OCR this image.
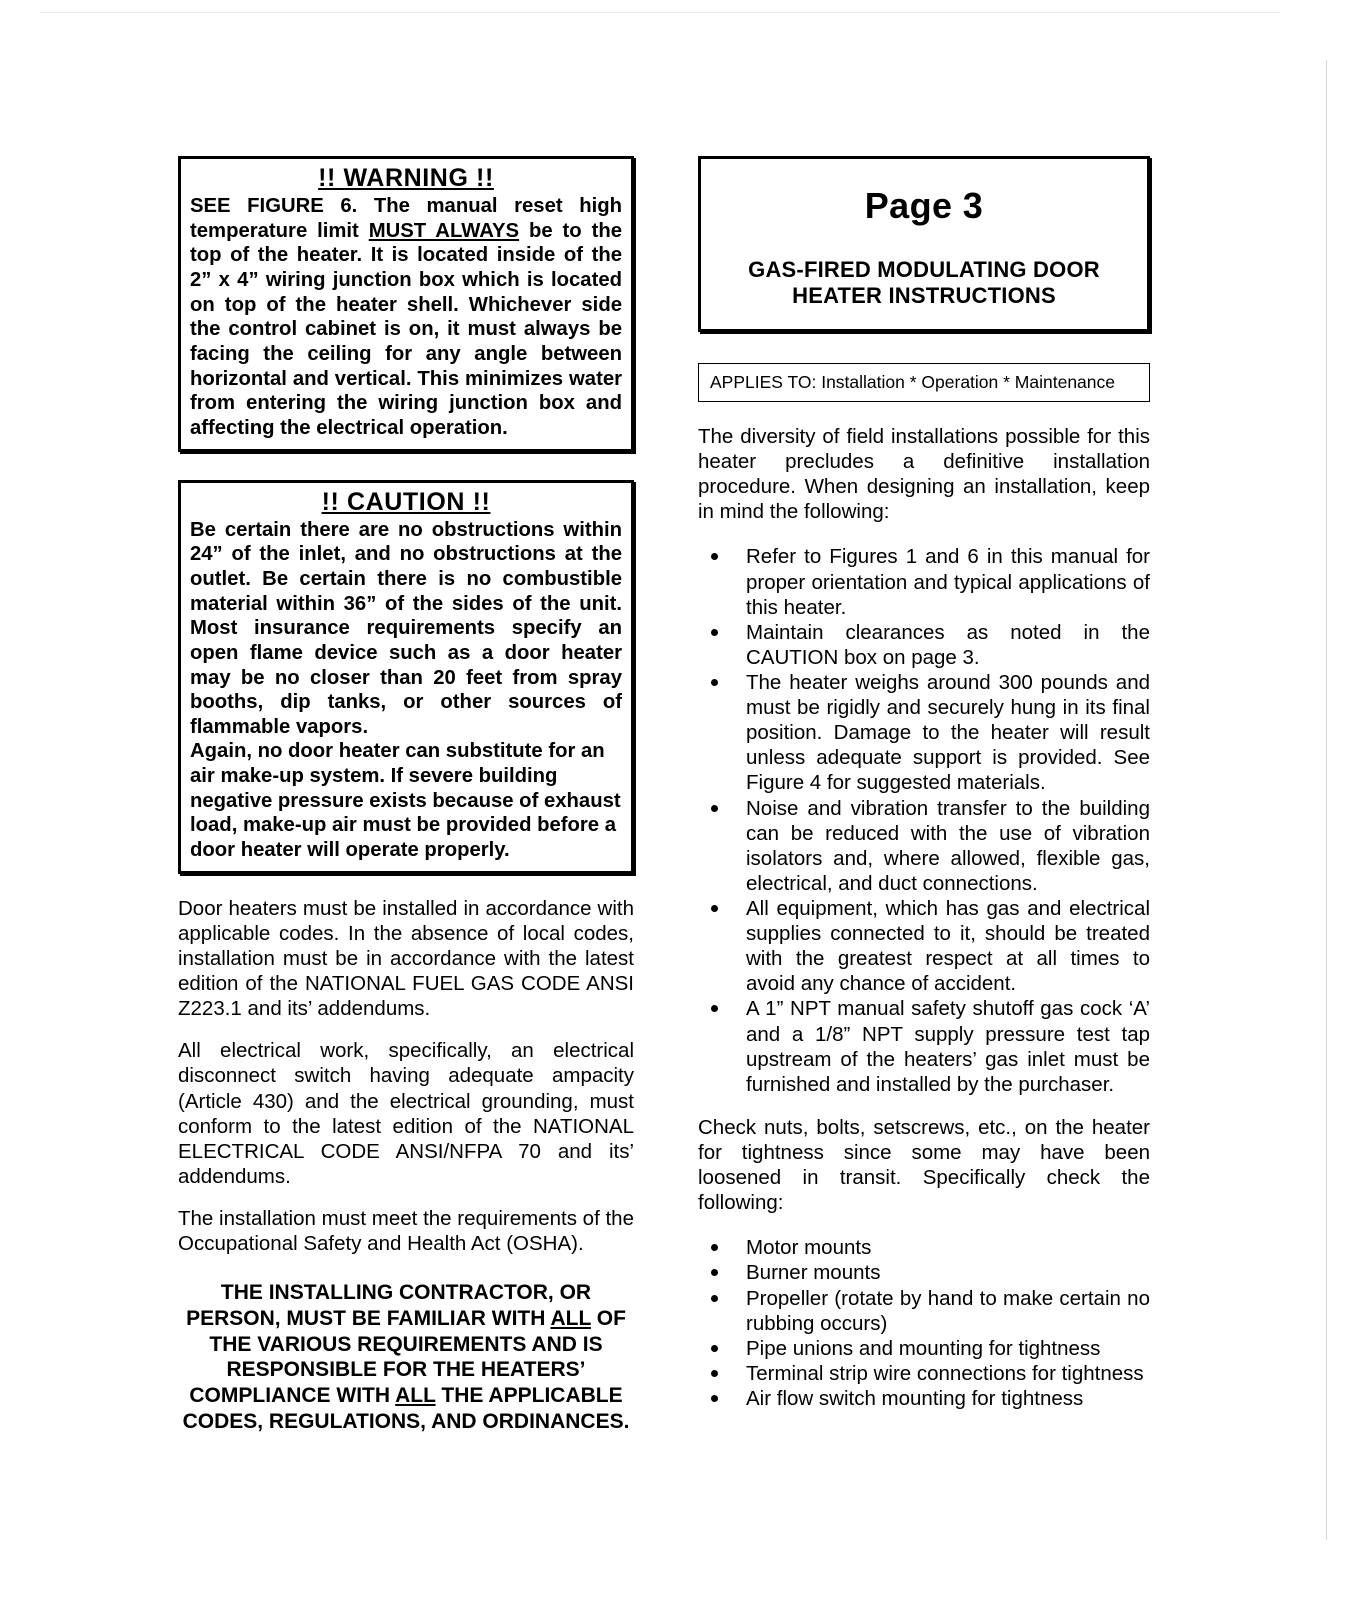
!! WARNING !!

SEE FIGURE 6. The manual reset high temperature limit MUST ALWAYS be to the top of the heater. It is located inside of the 2” x 4” wiring junction box which is located on top of the heater shell. Whichever side the control cabinet is on, it must always be facing the ceiling for any angle between horizontal and vertical. This minimizes water from entering the wiring junction box and affecting the electrical operation.

!! CAUTION !!

Be certain there are no obstructions within 24” of the inlet, and no obstructions at the outlet. Be certain there is no combustible material within 36” of the sides of the unit. Most insurance requirements specify an open flame device such as a door heater may be no closer than 20 feet from spray booths, dip tanks, or other sources of flammable vapors.

Again, no door heater can substitute for an air make-up system. If severe building negative pressure exists because of exhaust load, make-up air must be provided before a door heater will operate properly.

Door heaters must be installed in accordance with applicable codes. In the absence of local codes, installation must be in accordance with the latest edition of the NATIONAL FUEL GAS CODE ANSI Z223.1 and its’ addendums.

All electrical work, specifically, an electrical disconnect switch having adequate ampacity (Article 430) and the electrical grounding, must conform to the latest edition of the NATIONAL ELECTRICAL CODE ANSI/NFPA 70 and its’ addendums.

The installation must meet the requirements of the Occupational Safety and Health Act (OSHA).

THE INSTALLING CONTRACTOR, OR PERSON, MUST BE FAMILIAR WITH ALL OF THE VARIOUS REQUIREMENTS AND IS RESPONSIBLE FOR THE HEATERS’ COMPLIANCE WITH ALL THE APPLICABLE CODES, REGULATIONS, AND ORDINANCES.
Page 3
GAS-FIRED MODULATING DOOR
HEATER INSTRUCTIONS
APPLIES TO: Installation * Operation * Maintenance

The diversity of field installations possible for this heater precludes a definitive installation procedure. When designing an installation, keep in mind the following:

Refer to Figures 1 and 6 in this manual for proper orientation and typical applications of this heater.
Maintain clearances as noted in the CAUTION box on page 3.
The heater weighs around 300 pounds and must be rigidly and securely hung in its final position. Damage to the heater will result unless adequate support is provided. See Figure 4 for suggested materials.
Noise and vibration transfer to the building can be reduced with the use of vibration isolators and, where allowed, flexible gas, electrical, and duct connections.
All equipment, which has gas and electrical supplies connected to it, should be treated with the greatest respect at all times to avoid any chance of accident.
A 1” NPT manual safety shutoff gas cock ‘A’ and a 1/8” NPT supply pressure test tap upstream of the heaters’ gas inlet must be furnished and installed by the purchaser.

Check nuts, bolts, setscrews, etc., on the heater for tightness since some may have been loosened in transit. Specifically check the following:

Motor mounts
Burner mounts
Propeller (rotate by hand to make certain no rubbing occurs)
Pipe unions and mounting for tightness
Terminal strip wire connections for tightness
Air flow switch mounting for tightness
